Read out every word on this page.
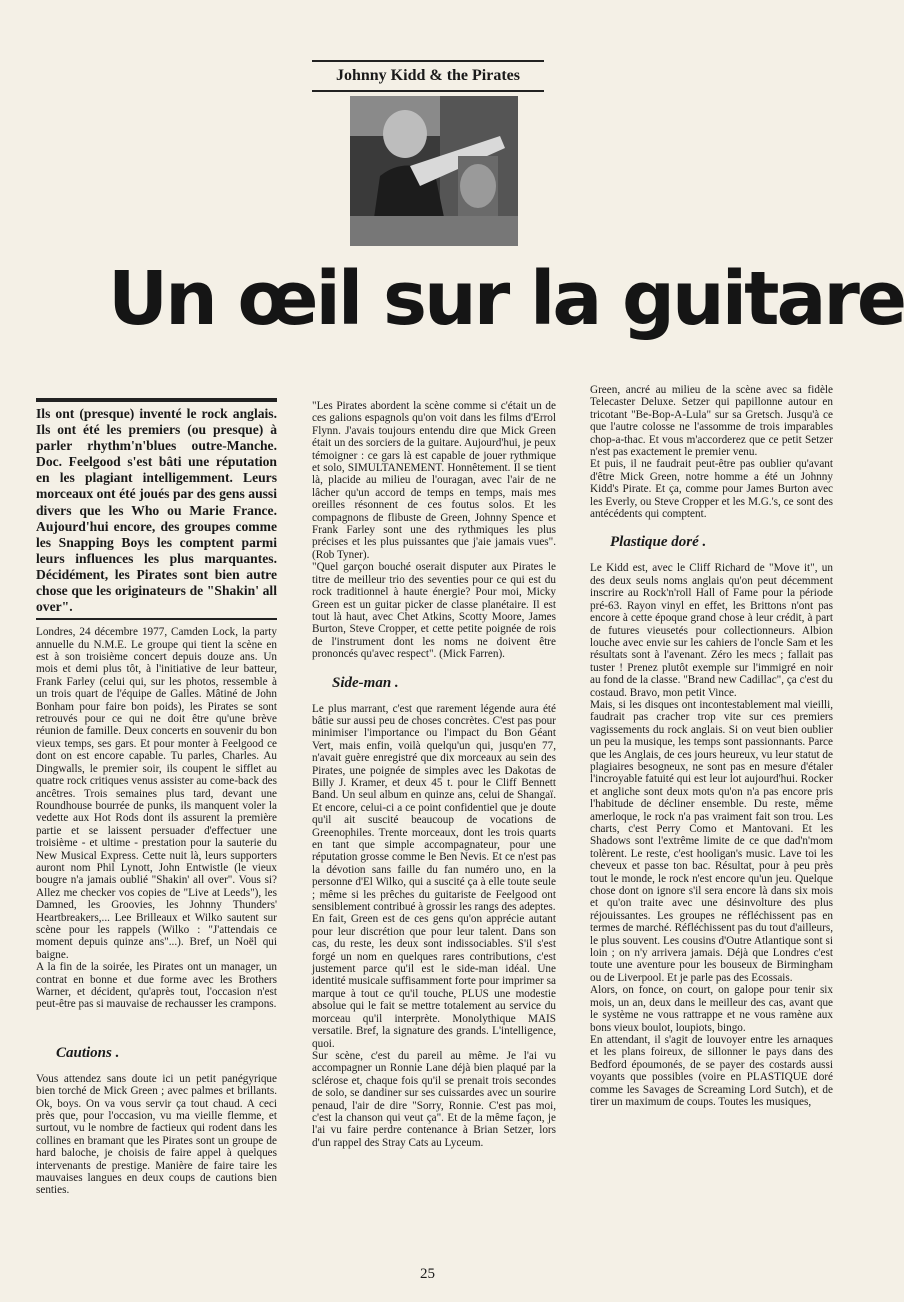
Johnny Kidd & the Pirates
Un œil sur la guitare

Ils ont (presque) inventé le rock anglais. Ils ont été les premiers (ou presque) à parler rhythm'n'blues outre-Manche. Doc. Feelgood s'est bâti une réputation en les plagiant intelligemment. Leurs morceaux ont été joués par des gens aussi divers que les Who ou Marie France. Aujourd'hui encore, des groupes comme les Snapping Boys les comptent parmi leurs influences les plus marquantes. Décidément, les Pirates sont bien autre chose que les originateurs de "Shakin' all over".

Londres, 24 décembre 1977, Camden Lock, la party annuelle du N.M.E. Le groupe qui tient la scène en est à son troisième concert depuis douze ans. Un mois et demi plus tôt, à l'initiative de leur batteur, Frank Farley (celui qui, sur les photos, ressemble à un trois quart de l'équipe de Galles. Mâtiné de John Bonham pour faire bon poids), les Pirates se sont retrouvés pour ce qui ne doit être qu'une brève réunion de famille. Deux concerts en souvenir du bon vieux temps, ses gars. Et pour monter à Feelgood ce dont on est encore capable. Tu parles, Charles. Au Dingwalls, le premier soir, ils coupent le sifflet au quatre rock critiques venus assister au come-back des ancêtres. Trois semaines plus tard, devant une Roundhouse bourrée de punks, ils manquent voler la vedette aux Hot Rods dont ils assurent la première partie et se laissent persuader d'effectuer une troisième - et ultime - prestation pour la sauterie du New Musical Express. Cette nuit là, leurs supporters auront nom Phil Lynott, John Entwistle (le vieux bougre n'a jamais oublié "Shakin' all over". Vous si? Allez me checker vos copies de "Live at Leeds"), les Damned, les Groovies, les Johnny Thunders' Heartbreakers,... Lee Brilleaux et Wilko sautent sur scène pour les rappels (Wilko : "J'attendais ce moment depuis quinze ans"...). Bref, un Noël qui baigne.

A la fin de la soirée, les Pirates ont un manager, un contrat en bonne et due forme avec les Brothers Warner, et décident, qu'après tout, l'occasion n'est peut-être pas si mauvaise de rechausser les crampons.

Cautions .

Vous attendez sans doute ici un petit panégyrique bien torché de Mick Green ; avec palmes et brillants. Ok, boys. On va vous servir ça tout chaud. A ceci près que, pour l'occasion, vu ma vieille flemme, et surtout, vu le nombre de factieux qui rodent dans les collines en bramant que les Pirates sont un groupe de hard baloche, je choisis de faire appel à quelques intervenants de prestige. Manière de faire taire les mauvaises langues en deux coups de cautions bien senties.

"Les Pirates abordent la scène comme si c'était un de ces galions espagnols qu'on voit dans les films d'Errol Flynn. J'avais toujours entendu dire que Mick Green était un des sorciers de la guitare. Aujourd'hui, je peux témoigner : ce gars là est capable de jouer rythmique et solo, SIMULTANEMENT. Honnêtement. Il se tient là, placide au milieu de l'ouragan, avec l'air de ne lâcher qu'un accord de temps en temps, mais mes oreilles résonnent de ces foutus solos. Et les compagnons de flibuste de Green, Johnny Spence et Frank Farley sont une des rythmiques les plus précises et les plus puissantes que j'aie jamais vues". (Rob Tyner).

"Quel garçon bouché oserait disputer aux Pirates le titre de meilleur trio des seventies pour ce qui est du rock traditionnel à haute énergie? Pour moi, Micky Green est un guitar picker de classe planétaire. Il est tout là haut, avec Chet Atkins, Scotty Moore, James Burton, Steve Cropper, et cette petite poignée de rois de l'instrument dont les noms ne doivent être prononcés qu'avec respect". (Mick Farren).

Side-man .

Le plus marrant, c'est que rarement légende aura été bâtie sur aussi peu de choses concrètes. C'est pas pour minimiser l'importance ou l'impact du Bon Géant Vert, mais enfin, voilà quelqu'un qui, jusqu'en 77, n'avait guère enregistré que dix morceaux au sein des Pirates, une poignée de simples avec les Dakotas de Billy J. Kramer, et deux 45 t. pour le Cliff Bennett Band. Un seul album en quinze ans, celui de Shangaï. Et encore, celui-ci a ce point confidentiel que je doute qu'il ait suscité beaucoup de vocations de Greenophiles. Trente morceaux, dont les trois quarts en tant que simple accompagnateur, pour une réputation grosse comme le Ben Nevis. Et ce n'est pas la dévotion sans faille du fan numéro uno, en la personne d'El Wilko, qui a suscité ça à elle toute seule ; même si les prêches du guitariste de Feelgood ont sensiblement contribué à grossir les rangs des adeptes.

En fait, Green est de ces gens qu'on apprécie autant pour leur discrétion que pour leur talent. Dans son cas, du reste, les deux sont indissociables. S'il s'est forgé un nom en quelques rares contributions, c'est justement parce qu'il est le side-man idéal. Une identité musicale suffisamment forte pour imprimer sa marque à tout ce qu'il touche, PLUS une modestie absolue qui le fait se mettre totalement au service du morceau qu'il interprète. Monolythique MAIS versatile. Bref, la signature des grands. L'intelligence, quoi.

Sur scène, c'est du pareil au même. Je l'ai vu accompagner un Ronnie Lane déjà bien plaqué par la sclérose et, chaque fois qu'il se prenait trois secondes de solo, se dandiner sur ses cuissardes avec un sourire penaud, l'air de dire "Sorry, Ronnie. C'est pas moi, c'est la chanson qui veut ça". Et de la même façon, je l'ai vu faire perdre contenance à Brian Setzer, lors d'un rappel des Stray Cats au Lyceum.

Green, ancré au milieu de la scène avec sa fidèle Telecaster Deluxe. Setzer qui papillonne autour en tricotant "Be-Bop-A-Lula" sur sa Gretsch. Jusqu'à ce que l'autre colosse ne l'assomme de trois imparables chop-a-thac. Et vous m'accorderez que ce petit Setzer n'est pas exactement le premier venu.

Et puis, il ne faudrait peut-être pas oublier qu'avant d'être Mick Green, notre homme a été un Johnny Kidd's Pirate. Et ça, comme pour James Burton avec les Everly, ou Steve Cropper et les M.G.'s, ce sont des antécédents qui comptent.

Plastique doré .

Le Kidd est, avec le Cliff Richard de "Move it", un des deux seuls noms anglais qu'on peut décemment inscrire au Rock'n'roll Hall of Fame pour la période pré-63. Rayon vinyl en effet, les Brittons n'ont pas encore à cette époque grand chose à leur crédit, à part de futures vieusetés pour collectionneurs. Albion louche avec envie sur les cahiers de l'oncle Sam et les résultats sont à l'avenant. Zéro les mecs ; fallait pas tuster ! Prenez plutôt exemple sur l'immigré en noir au fond de la classe. "Brand new Cadillac", ça c'est du costaud. Bravo, mon petit Vince.

Mais, si les disques ont incontestablement mal vieilli, faudrait pas cracher trop vite sur ces premiers vagissements du rock anglais. Si on veut bien oublier un peu la musique, les temps sont passionnants. Parce que les Anglais, de ces jours heureux, vu leur statut de plagiaires besogneux, ne sont pas en mesure d'étaler l'incroyable fatuité qui est leur lot aujourd'hui. Rocker et angliche sont deux mots qu'on n'a pas encore pris l'habitude de décliner ensemble. Du reste, même amerloque, le rock n'a pas vraiment fait son trou. Les charts, c'est Perry Como et Mantovani. Et les Shadows sont l'extrême limite de ce que dad'n'mom tolèrent. Le reste, c'est hooligan's music. Lave toi les cheveux et passe ton bac. Résultat, pour à peu près tout le monde, le rock n'est encore qu'un jeu. Quelque chose dont on ignore s'il sera encore là dans six mois et qu'on traite avec une désinvolture des plus réjouissantes. Les groupes ne réfléchissent pas en termes de marché. Réfléchissent pas du tout d'ailleurs, le plus souvent. Les cousins d'Outre Atlantique sont si loin ; on n'y arrivera jamais. Déjà que Londres c'est toute une aventure pour les bouseux de Birmingham ou de Liverpool. Et je parle pas des Ecossais.

Alors, on fonce, on court, on galope pour tenir six mois, un an, deux dans le meilleur des cas, avant que le système ne vous rattrappe et ne vous ramène aux bons vieux boulot, loupiots, bingo.

En attendant, il s'agit de louvoyer entre les arnaques et les plans foireux, de sillonner le pays dans des Bedford époumonés, de se payer des costards aussi voyants que possibles (voire en PLASTIQUE doré comme les Savages de Screaming Lord Sutch), et de tirer un maximum de coups. Toutes les musiques,

25
